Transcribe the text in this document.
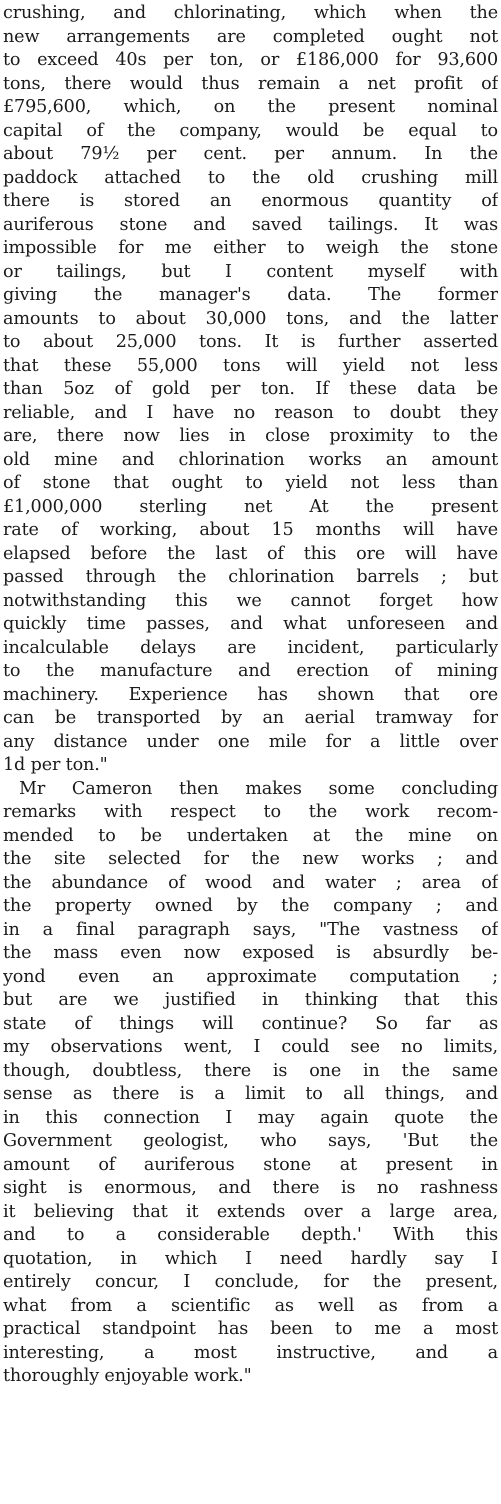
crushing, and chlorinating, which when the
new arrangements are completed ought not
to exceed 40s per ton, or £186,000 for 93,600
tons, there would thus remain a net profit of
£795,600, which, on the present nominal
capital of the company, would be equal to
about 79½ per cent. per annum. In the
paddock attached to the old crushing mill
there is stored an enormous quantity of
auriferous stone and saved tailings. It was
impossible for me either to weigh the stone
or tailings, but I content myself with
giving the manager's data. The former
amounts to about 30,000 tons, and the latter
to about 25,000 tons. It is further asserted
that these 55,000 tons will yield not less
than 5oz of gold per ton. If these data be
reliable, and I have no reason to doubt they
are, there now lies in close proximity to the
old mine and chlorination works an amount
of stone that ought to yield not less than
£1,000,000 sterling net At the present
rate of working, about 15 months will have
elapsed before the last of this ore will have
passed through the chlorination barrels ; but
notwithstanding this we cannot forget how
quickly time passes, and what unforeseen and
incalculable delays are incident, particularly
to the manufacture and erection of mining
machinery. Experience has shown that ore
can be transported by an aerial tramway for
any distance under one mile for a little over
1d per ton."
Mr Cameron then makes some concluding
remarks with respect to the work recom-
mended to be undertaken at the mine on
the site selected for the new works ; and
the abundance of wood and water ; area of
the property owned by the company ; and
in a final paragraph says, "The vastness of
the mass even now exposed is absurdly be-
yond even an approximate computation ;
but are we justified in thinking that this
state of things will continue? So far as
my observations went, I could see no limits,
though, doubtless, there is one in the same
sense as there is a limit to all things, and
in this connection I may again quote the
Government geologist, who says, 'But the
amount of auriferous stone at present in
sight is enormous, and there is no rashness
it believing that it extends over a large area,
and to a considerable depth.' With this
quotation, in which I need hardly say I
entirely concur, I conclude, for the present,
what from a scientific as well as from a
practical standpoint has been to me a most
interesting, a most instructive, and a
thoroughly enjoyable work."
